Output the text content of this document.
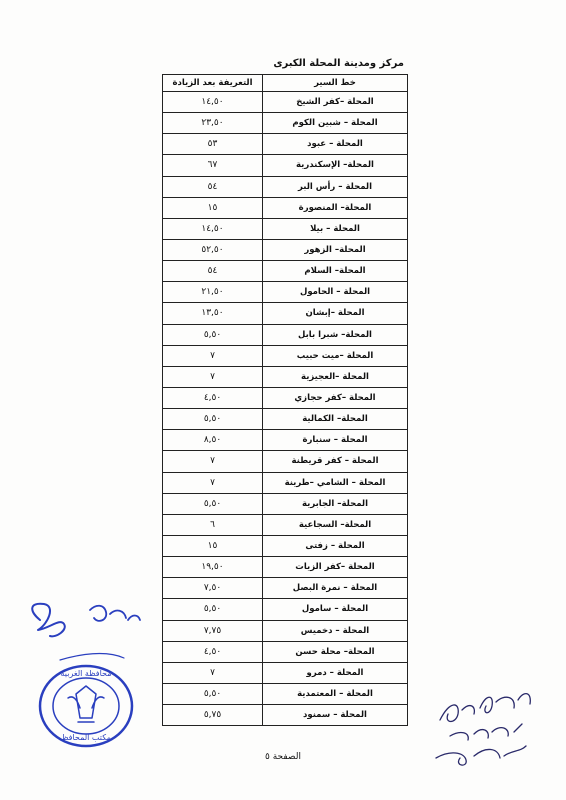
مركز ومدينة المحلة الكبرى
خط السير	التعريفة بعد الزيادة
المحلة –كفر الشيخ	١٤,٥٠
المحلة – شبين الكوم	٢٣,٥٠
المحلة – عبود	٥٣
المحلة– الإسكندرية	٦٧
المحلة – رأس البر	٥٤
المحلة– المنصورة	١٥
المحلة – بيلا	١٤,٥٠
المحلة– الزهور	٥٢,٥٠
المحلة– السلام	٥٤
المحلة – الحامول	٢١,٥٠
المحلة –إبشان	١٣,٥٠
المحلة– شبرا بابل	٥,٥٠
المحلة –ميت حبيب	٧
المحلة –العجيزية	٧
المحلة –كفر حجازي	٤,٥٠
المحلة– الكمالية	٥,٥٠
المحلة – سنبارة	٨,٥٠
المحلة – كفر قريطنة	٧
المحلة – الشامي –طرينة	٧
المحلة– الجابرية	٥,٥٠
المحلة– السجاعية	٦
المحلة – زفتى	١٥
المحلة –كفر الزيات	١٩,٥٠
المحلة – نمرة البصل	٧,٥٠
المحلة – سامول	٥,٥٠
المحلة – دخميس	٧,٧٥
المحلة– محلة حسن	٤,٥٠
المحلة – دمرو	٧
المحلة – المعتمدية	٥,٥٠
المحلة – سمنود	٥,٧٥
محافظة الغربية
مكتب المحافظ
الصفحة ٥
